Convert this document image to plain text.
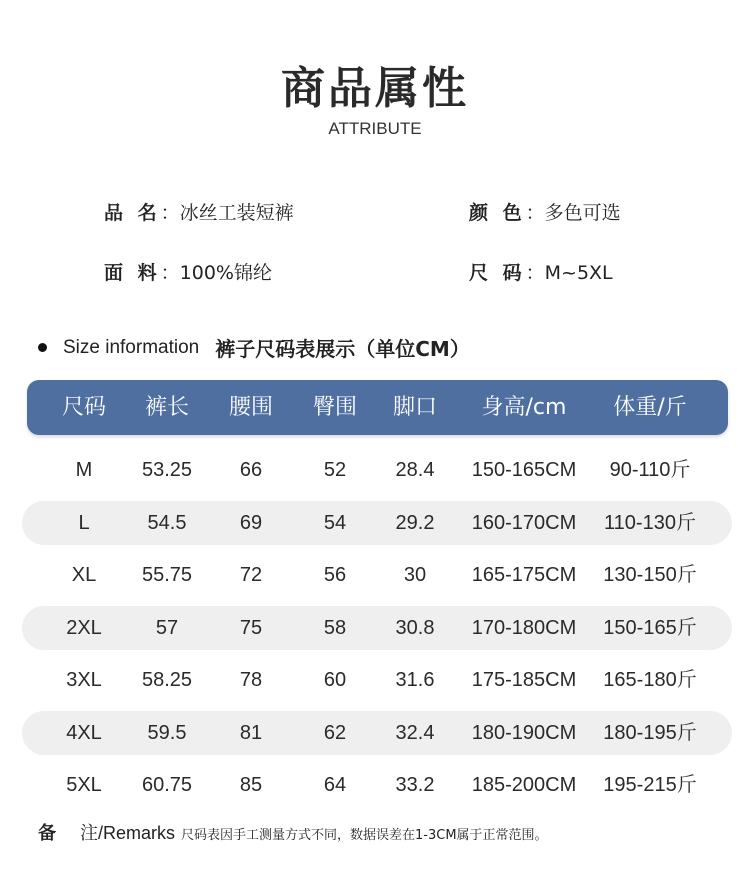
商品属性
ATTRIBUTE
品 名：冰丝工装短裤	颜 色：多色可选
面 料：100%锦纶	尺 码：M~5XL
Size information 裤子尺码表展示（单位CM）
尺码 裤长 腰围 臀围 脚口 身高/cm 体重/斤
M 53.25 66	52 28.4 150-165CM 90-110斤
L	54.5	69	54 29.2 160-170CM 110-130斤
XL 55.75 72	56	30 165-175CM 130-150斤
2XL	57	75	58 30.8 170-180CM 150-165斤
3XL 58.25 78	60 31.6 175-185CM 165-180斤
4XL 59.5	81	62 32.4 180-190CM 180-195斤
5XL 60.75 85	64 33.2 185-200CM 195-215斤
备 注/Remarks 尺码表因手工测量方式不同，数据误差在1-3CM属于正常范围。
